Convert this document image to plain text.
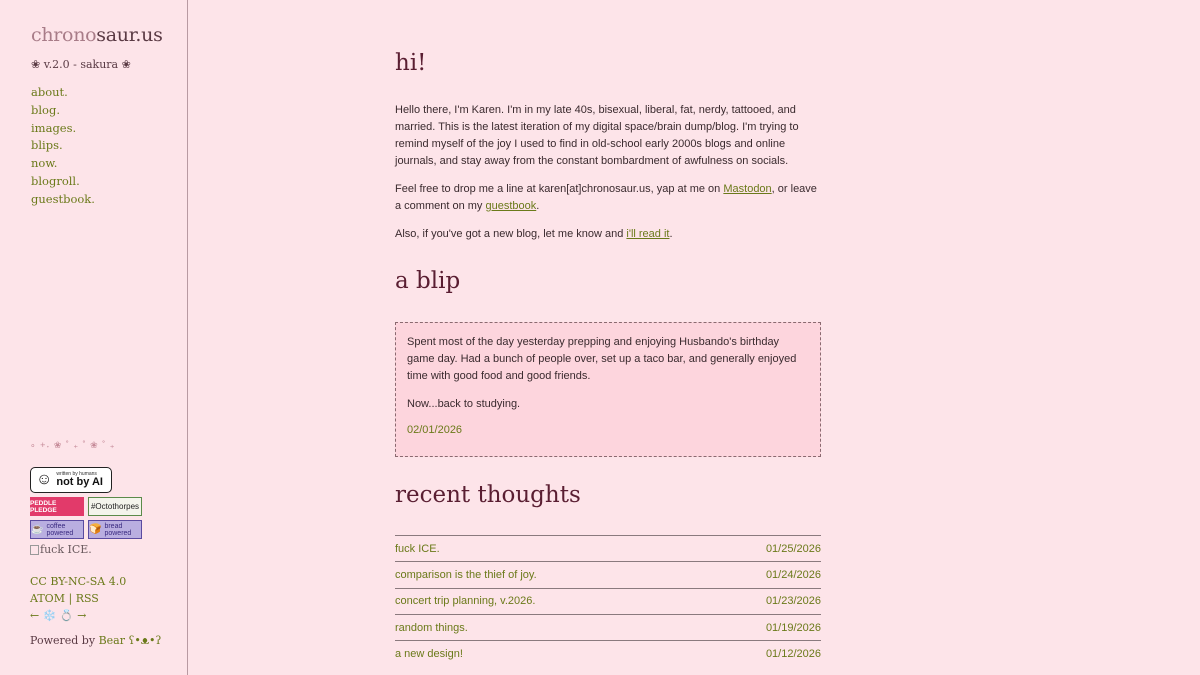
chronosaur.us
❀ v.2.0 - sakura ❀
about.
blog.
images.
blips.
now.
blogroll.
guestbook.
∘ +˖ ❀ ˚ ₊ ˚ ❀ ˚ ₊
☺ written by humans
not by AI
PEDDLE PLEDGE	#Octothorpes
☕ coffee powered	🍞 bread powered
fuck ICE.
CC BY-NC-SA 4.0
ATOM | RSS
← ❄️ 💍 →
Powered by Bear ʕ•ᴥ•ʔ
hi!

Hello there, I'm Karen. I'm in my late 40s, bisexual, liberal, fat, nerdy, tattooed, and married. This is the latest iteration of my digital space/brain dump/blog. I'm trying to remind myself of the joy I used to find in old-school early 2000s blogs and online journals, and stay away from the constant bombardment of awfulness on socials.

Feel free to drop me a line at karen[at]chronosaur.us, yap at me on Mastodon, or leave a comment on my guestbook.

Also, if you've got a new blog, let me know and i'll read it.

a blip

Spent most of the day yesterday prepping and enjoying Husbando's birthday game day. Had a bunch of people over, set up a taco bar, and generally enjoyed time with good food and good friends.

Now...back to studying.

02/01/2026
recent thoughts
fuck ICE.	01/25/2026
comparison is the thief of joy.	01/24/2026
concert trip planning, v.2026.	01/23/2026
random things.	01/19/2026
a new design!	01/12/2026
